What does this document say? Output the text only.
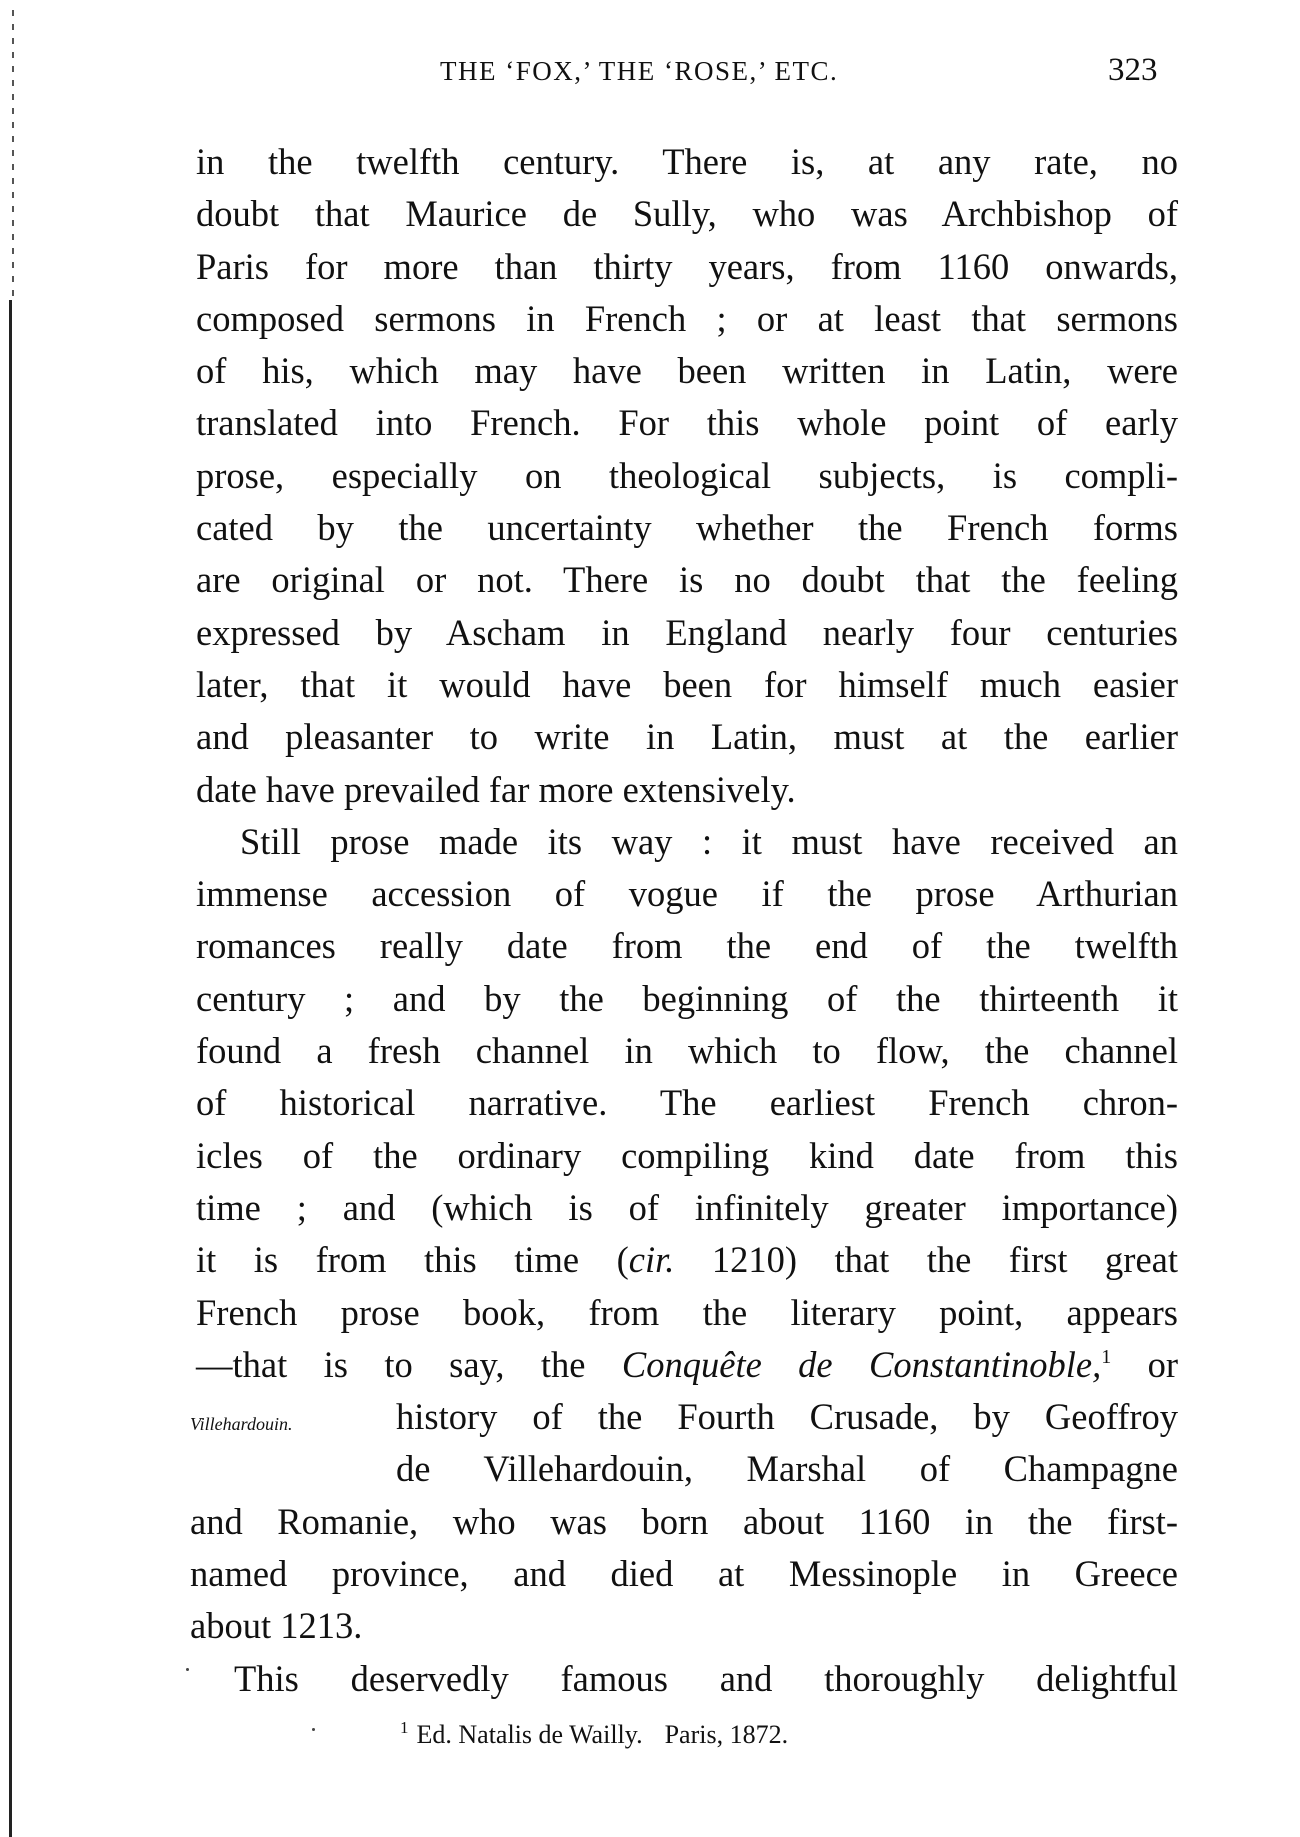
THE ‘FOX,’ THE ‘ROSE,’ ETC.	323
in the twelfth century. There is, at any rate, no
doubt that Maurice de Sully, who was Archbishop of
Paris for more than thirty years, from 1160 onwards,
composed sermons in French ; or at least that sermons
of his, which may have been written in Latin, were
translated into French. For this whole point of early
prose, especially on theological subjects, is compli-
cated by the uncertainty whether the French forms
are original or not. There is no doubt that the feeling
expressed by Ascham in England nearly four centuries
later, that it would have been for himself much easier
and pleasanter to write in Latin, must at the earlier
date have prevailed far more extensively.
Still prose made its way : it must have received an
immense accession of vogue if the prose Arthurian
romances really date from the end of the twelfth
century ; and by the beginning of the thirteenth it
found a fresh channel in which to flow, the channel
of historical narrative. The earliest French chron-
icles of the ordinary compiling kind date from this
time ; and (which is of infinitely greater importance)
it is from this time (cir. 1210) that the first great
French prose book, from the literary point, appears
—that is to say, the Conquête de Constantinoble,$^1$ or
history of the Fourth Crusade, by Geoffroy
de Villehardouin, Marshal of Champagne
and Romanie, who was born about 1160 in the first-
named province, and died at Messinople in Greece
about 1213.
This deservedly famous and thoroughly delightful
Villehardouin.
$^1$ Ed. Natalis de Wailly. Paris, 1872.
